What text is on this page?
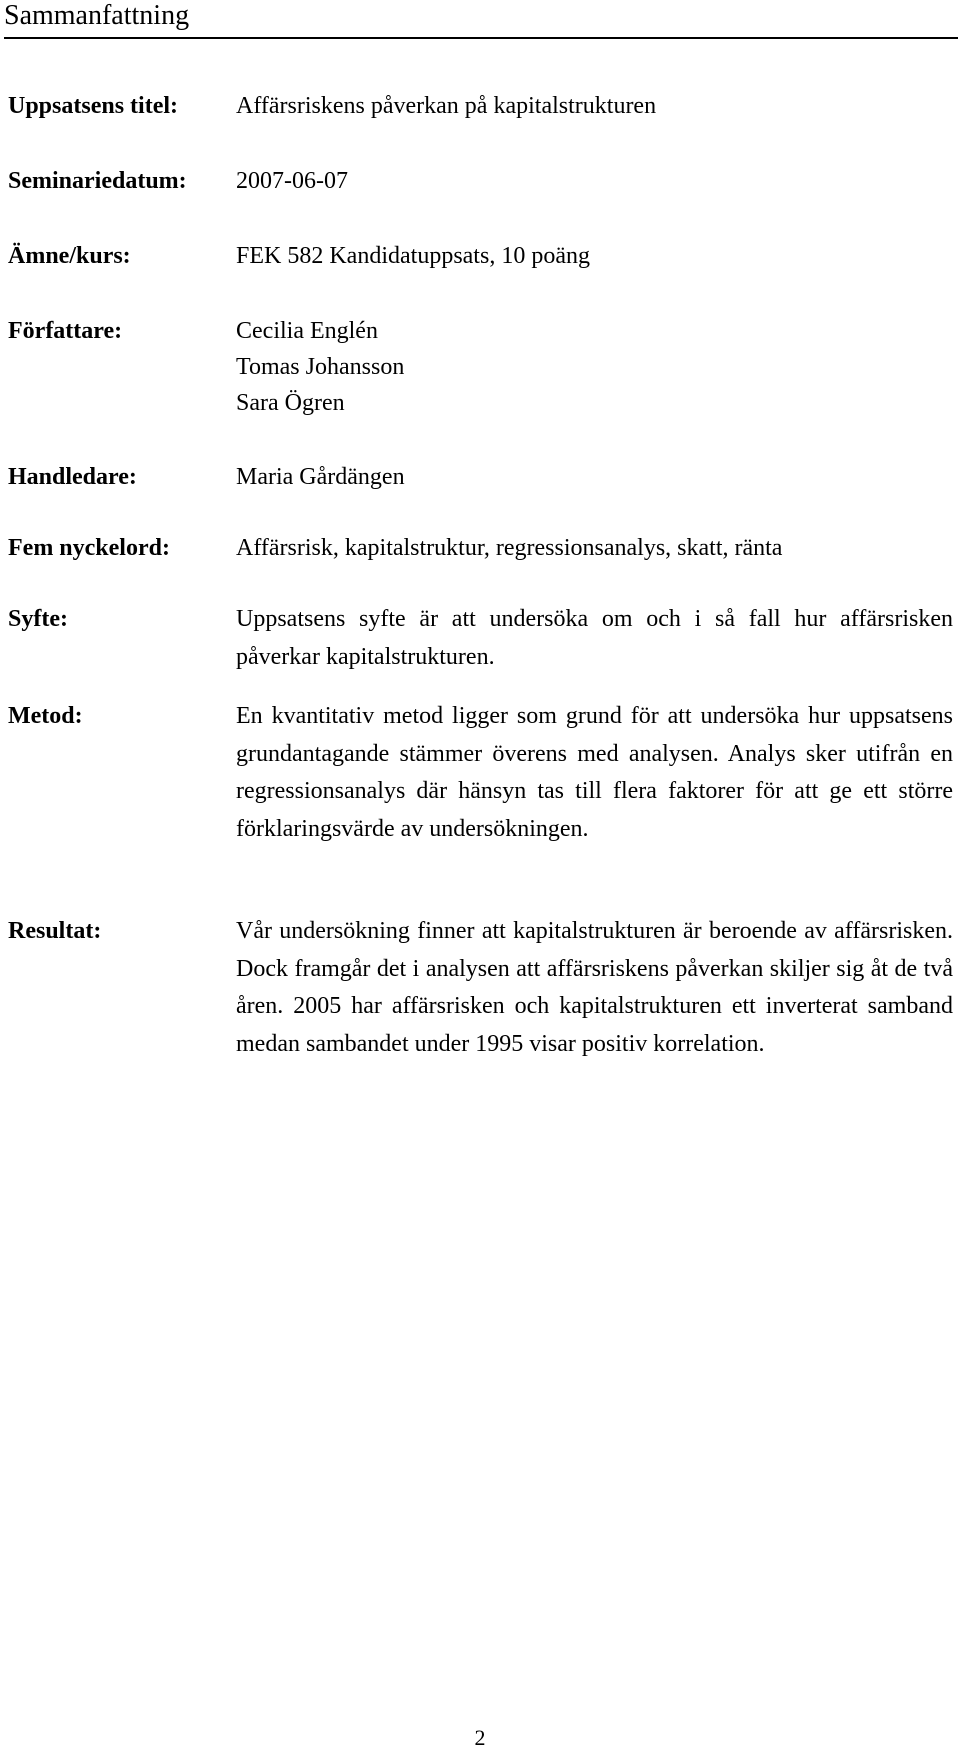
Sammanfattning
Uppsatsens titel:	Affärsriskens påverkan på kapitalstrukturen
Seminariedatum:	2007-06-07
Ämne/kurs:	FEK 582 Kandidatuppsats, 10 poäng
Författare:	Cecilia Englén
Tomas Johansson
Sara Ögren
Handledare:	Maria Gårdängen
Fem nyckelord:	Affärsrisk, kapitalstruktur, regressionsanalys, skatt, ränta
Syfte:	Uppsatsens syfte är att undersöka om och i så fall hur affärsrisken påverkar kapitalstrukturen.
Metod:	En kvantitativ metod ligger som grund för att undersöka hur uppsatsens grundantagande stämmer överens med analysen. Analys sker utifrån en regressionsanalys där hänsyn tas till flera faktorer för att ge ett större förklaringsvärde av undersökningen.
Resultat:	Vår undersökning finner att kapitalstrukturen är beroende av affärsrisken. Dock framgår det i analysen att affärsriskens påverkan skiljer sig åt de två åren. 2005 har affärsrisken och kapitalstrukturen ett inverterat samband medan sambandet under 1995 visar positiv korrelation.
2
